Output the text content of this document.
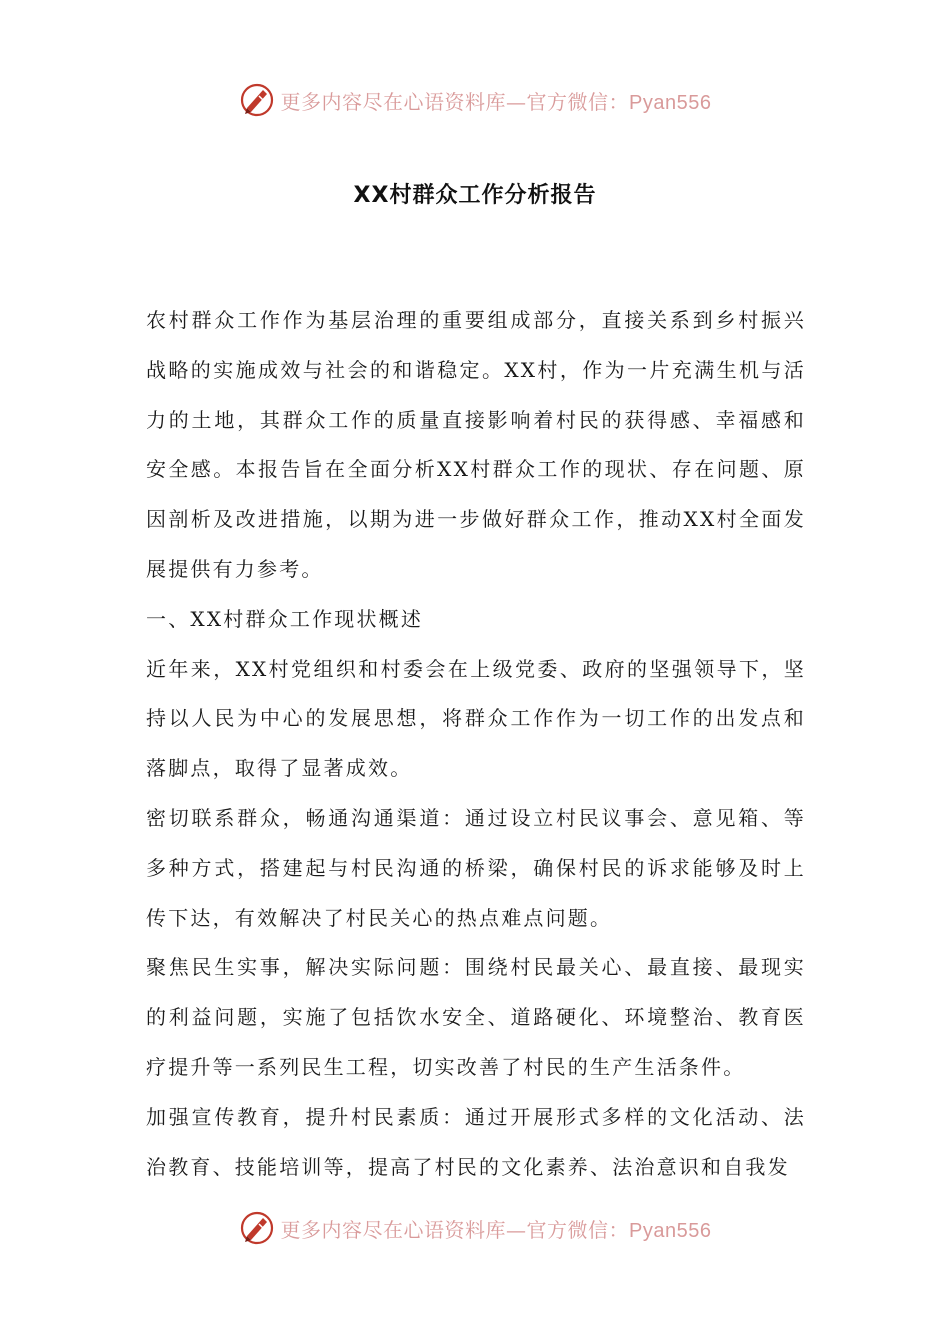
更多内容尽在心语资料库—官方微信：Pyan556
XX村群众工作分析报告

农村群众工作作为基层治理的重要组成部分，直接关系到乡村振兴战略的实施成效与社会的和谐稳定。XX村，作为一片充满生机与活力的土地，其群众工作的质量直接影响着村民的获得感、幸福感和安全感。本报告旨在全面分析XX村群众工作的现状、存在问题、原因剖析及改进措施，以期为进一步做好群众工作，推动XX村全面发展提供有力参考。

一、XX村群众工作现状概述

近年来，XX村党组织和村委会在上级党委、政府的坚强领导下，坚持以人民为中心的发展思想，将群众工作作为一切工作的出发点和落脚点，取得了显著成效。

密切联系群众，畅通沟通渠道：通过设立村民议事会、意见箱、等多种方式，搭建起与村民沟通的桥梁，确保村民的诉求能够及时上传下达，有效解决了村民关心的热点难点问题。

聚焦民生实事，解决实际问题：围绕村民最关心、最直接、最现实的利益问题，实施了包括饮水安全、道路硬化、环境整治、教育医疗提升等一系列民生工程，切实改善了村民的生产生活条件。

加强宣传教育，提升村民素质：通过开展形式多样的文化活动、法治教育、技能培训等，提高了村民的文化素养、法治意识和自我发

更多内容尽在心语资料库—官方微信：Pyan556
